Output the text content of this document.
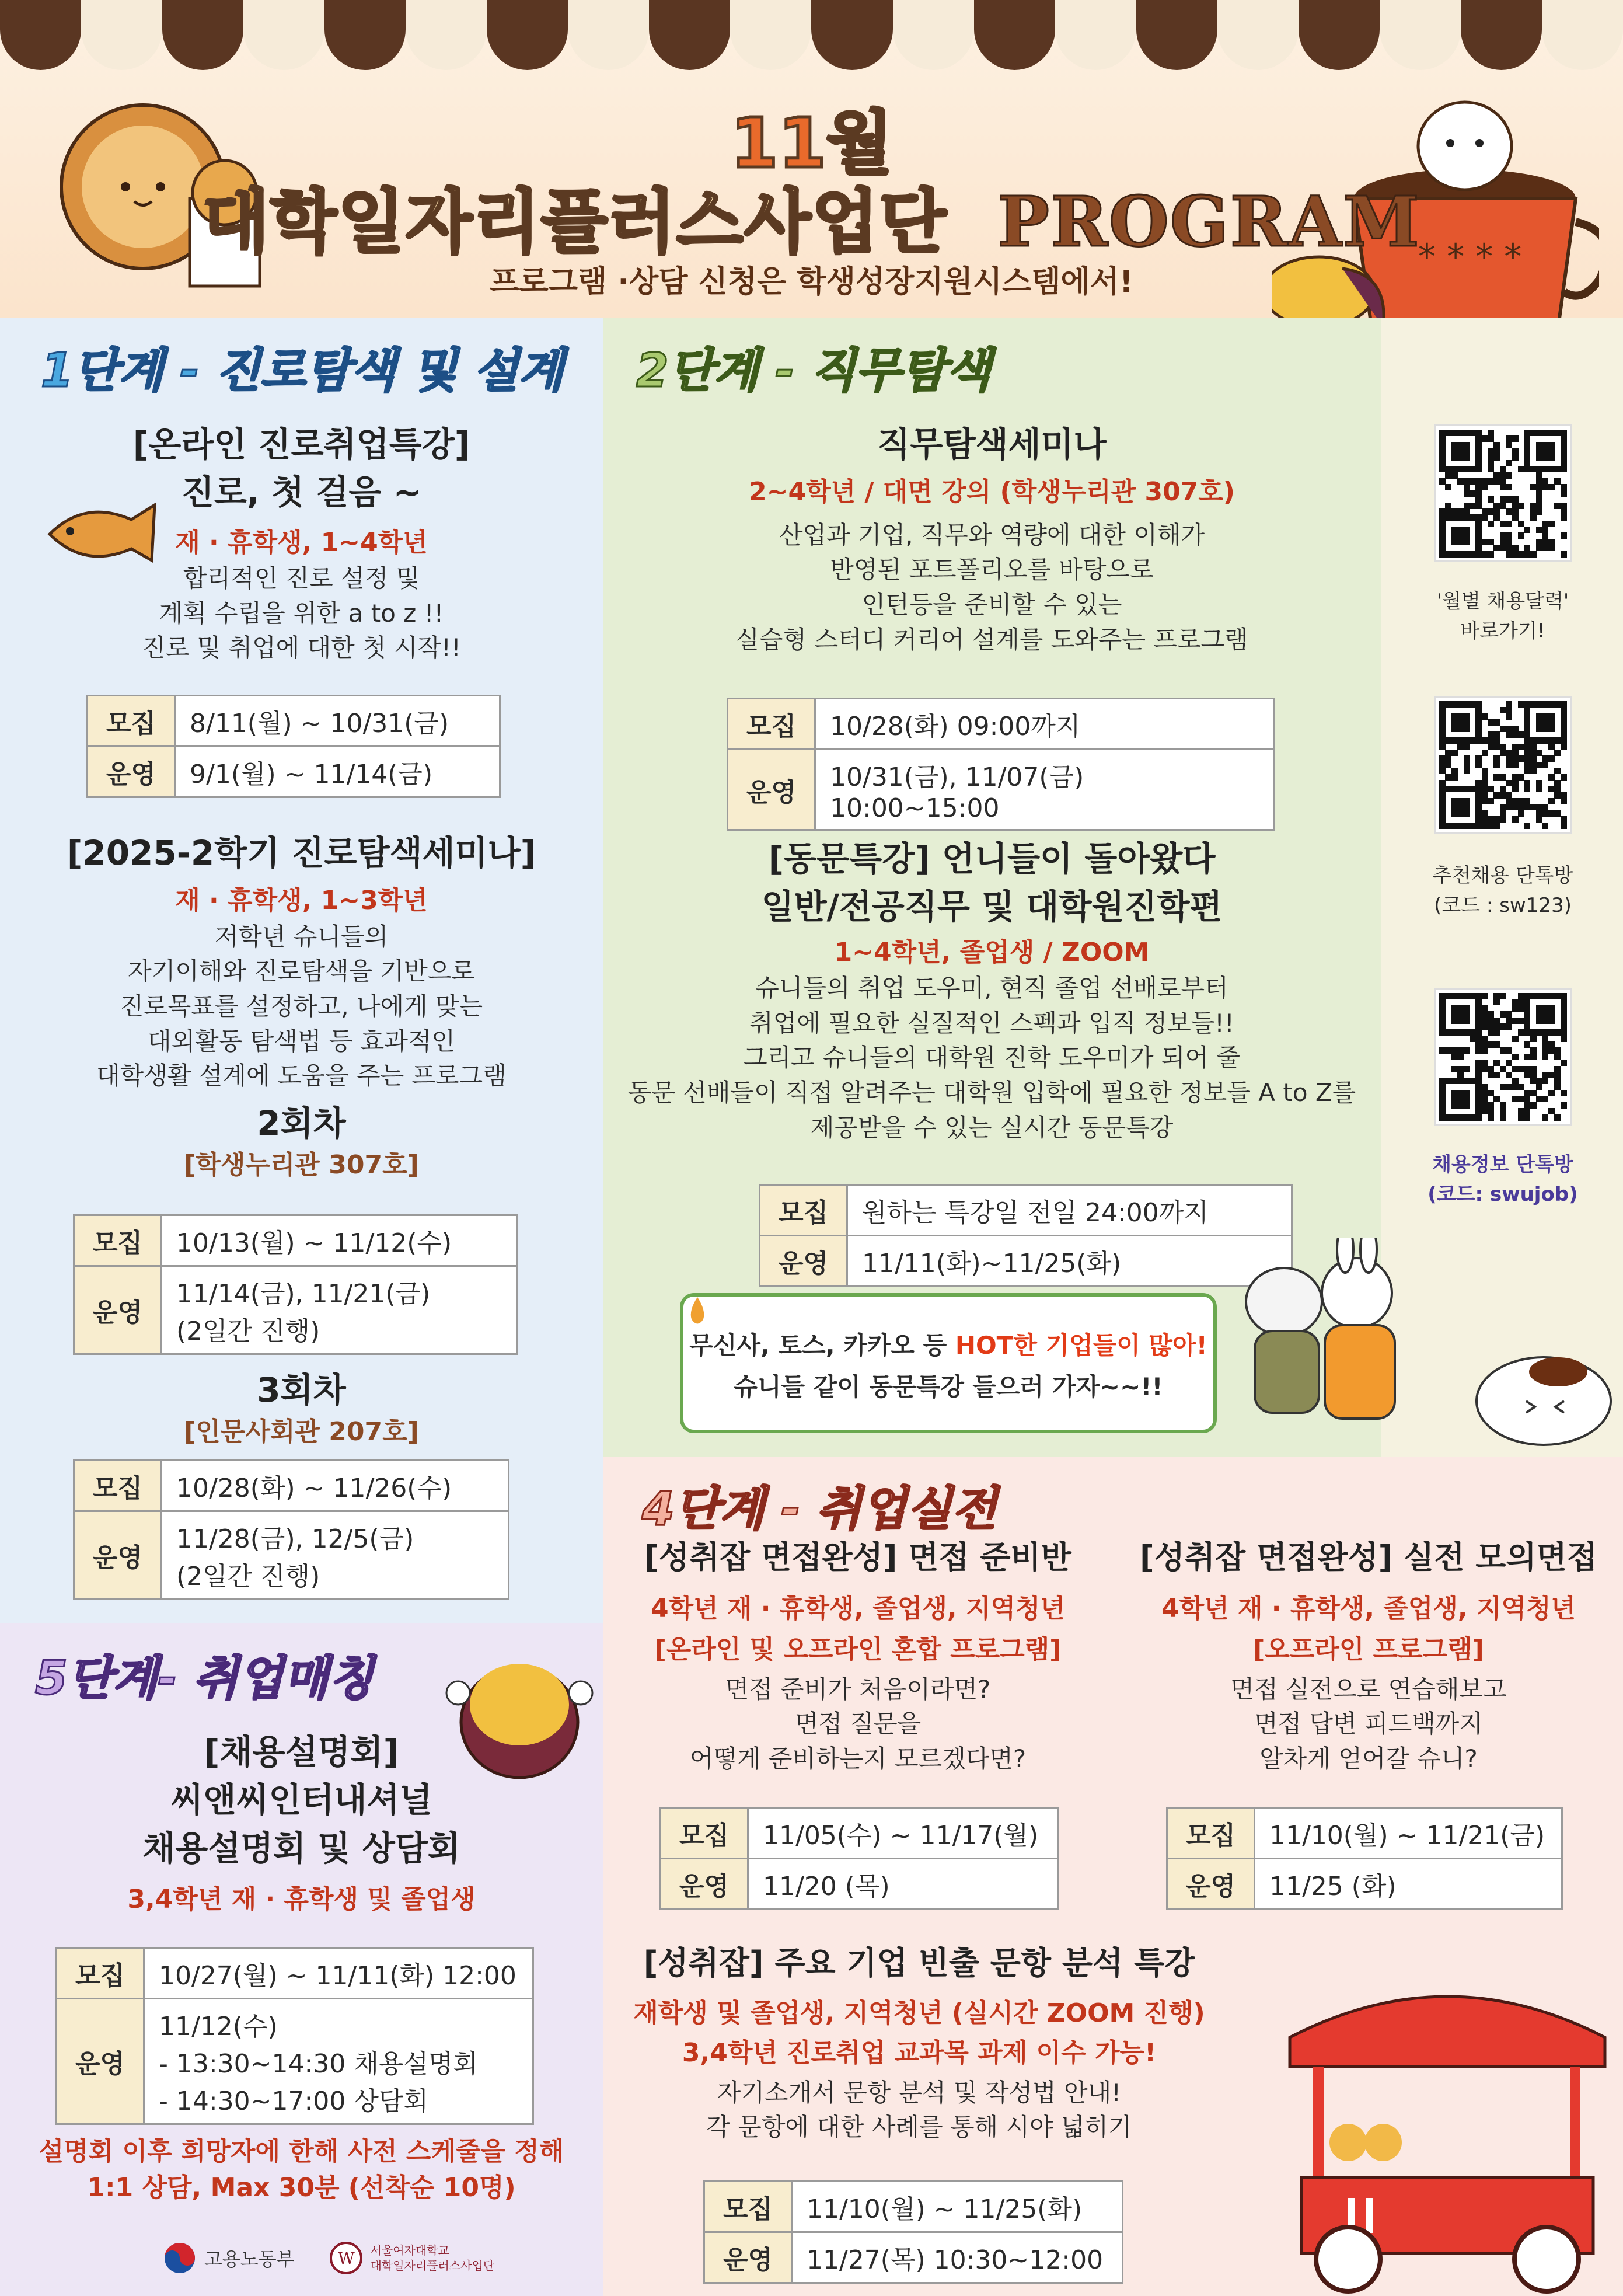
* * * *
11월
대학일자리플러스사업단 PROGRAM
프로그램 ·상담 신청은 학생성장지원시스템에서!
1단계 - 진로탐색 및 설계
[온라인 진로취업특강]
진로, 첫 걸음 ~
재 · 휴학생, 1~4학년
합리적인 진로 설정 및
계획 수립을 위한 a to z !!
진로 및 취업에 대한 첫 시작!!
모집	8/11(월) ~ 10/31(금)
운영	9/1(월) ~ 11/14(금)
[2025-2학기 진로탐색세미나]
재 · 휴학생, 1~3학년
저학년 슈니들의
자기이해와 진로탐색을 기반으로
진로목표를 설정하고, 나에게 맞는
대외활동 탐색법 등 효과적인
대학생활 설계에 도움을 주는 프로그램
2회차
[학생누리관 307호]
모집	10/13(월) ~ 11/12(수)
운영	11/14(금), 11/21(금)
(2일간 진행)
3회차
[인문사회관 207호]
모집	10/28(화) ~ 11/26(수)
운영	11/28(금), 12/5(금)
(2일간 진행)
2단계 - 직무탐색
직무탐색세미나
2~4학년 / 대면 강의 (학생누리관 307호)
산업과 기업, 직무와 역량에 대한 이해가
반영된 포트폴리오를 바탕으로
인턴등을 준비할 수 있는
실습형 스터디 커리어 설계를 도와주는 프로그램
모집	10/28(화) 09:00까지
운영	10/31(금), 11/07(금) 10:00~15:00
[동문특강] 언니들이 돌아왔다
일반/전공직무 및 대학원진학편
1~4학년, 졸업생 / ZOOM
슈니들의 취업 도우미, 현직 졸업 선배로부터
취업에 필요한 실질적인 스펙과 입직 정보들!!
그리고 슈니들의 대학원 진학 도우미가 되어 줄
동문 선배들이 직접 알려주는 대학원 입학에 필요한 정보들 A to Z를
제공받을 수 있는 실시간 동문특강
모집	원하는 특강일 전일 24:00까지
운영	11/11(화)~11/25(화)
무신사, 토스, 카카오 등 HOT한 기업들이 많아!
슈니들 같이 동문특강 들으러 가자~~!!
'월별 채용달력'
바로가기!
추천채용 단톡방
(코드 : sw123)
채용정보 단톡방
(코드: swujob)
4단계 - 취업실전
[성취잡 면접완성] 면접 준비반
4학년 재 · 휴학생, 졸업생, 지역청년
[온라인 및 오프라인 혼합 프로그램]
면접 준비가 처음이라면?
면접 질문을
어떻게 준비하는지 모르겠다면?
모집	11/05(수) ~ 11/17(월)
운영	11/20 (목)
[성취잡 면접완성] 실전 모의면접
4학년 재 · 휴학생, 졸업생, 지역청년
[오프라인 프로그램]
면접 실전으로 연습해보고
면접 답변 피드백까지
알차게 얻어갈 슈니?
모집	11/10(월) ~ 11/21(금)
운영	11/25 (화)
[성취잡] 주요 기업 빈출 문항 분석 특강
재학생 및 졸업생, 지역청년 (실시간 ZOOM 진행)
3,4학년 진로취업 교과목 과제 이수 가능!
자기소개서 문항 분석 및 작성법 안내!
각 문항에 대한 사례를 통해 시야 넓히기
모집	11/10(월) ~ 11/25(화)
운영	11/27(목) 10:30~12:00
5단계- 취업매칭
[채용설명회]
씨앤씨인터내셔널
채용설명회 및 상담회
3,4학년 재 · 휴학생 및 졸업생
모집	10/27(월) ~ 11/11(화) 12:00
운영	11/12(수)
- 13:30~14:30 채용설명회
- 14:30~17:00 상담회
설명회 이후 희망자에 한해 사전 스케줄을 정해
1:1 상담, Max 30분 (선착순 10명)
고용노동부	W 서울여자대학교
대학일자리플러스사업단
